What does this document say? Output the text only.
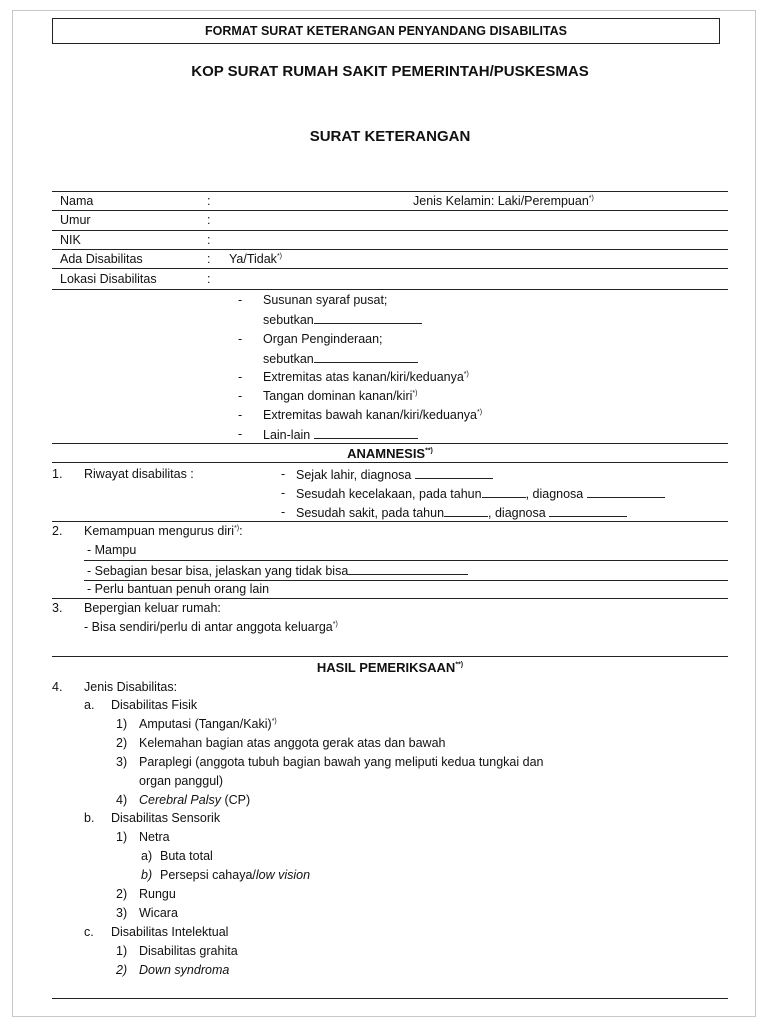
FORMAT SURAT KETERANGAN PENYANDANG DISABILITAS
KOP SURAT RUMAH SAKIT PEMERINTAH/PUSKESMAS
SURAT KETERANGAN
Nama	:	Jenis Kelamin: Laki/Perempuan*)
Umur	:
NIK	:
Ada Disabilitas	: Ya/Tidak*)
Lokasi Disabilitas	:
- Susunan syaraf pusat;
sebutkan
- Organ Penginderaan;
sebutkan
- Extremitas atas kanan/kiri/keduanya*)
- Tangan dominan kanan/kiri*)
- Extremitas bawah kanan/kiri/keduanya*)
- Lain-lain
ANAMNESIS**)
1. Riwayat disabilitas :	- Sejak lahir, diagnosa
- Sesudah kecelakaan, pada tahun	, diagnosa
- Sesudah sakit, pada tahun	, diagnosa
2. Kemampuan mengurus diri*):
- Mampu
- Sebagian besar bisa, jelaskan yang tidak bisa
- Perlu bantuan penuh orang lain
3. Bepergian keluar rumah:
- Bisa sendiri/perlu di antar anggota keluarga*)
HASIL PEMERIKSAAN**)
4. Jenis Disabilitas:
a. Disabilitas Fisik
1) Amputasi (Tangan/Kaki)*)
2) Kelemahan bagian atas anggota gerak atas dan bawah
3) Paraplegi (anggota tubuh bagian bawah yang meliputi kedua tungkai dan
organ panggul)
4) Cerebral Palsy (CP)
b. Disabilitas Sensorik
1) Netra
a) Buta total
b) Persepsi cahaya/low vision
2) Rungu
3) Wicara
c. Disabilitas Intelektual
1) Disabilitas grahita
2) Down syndroma
